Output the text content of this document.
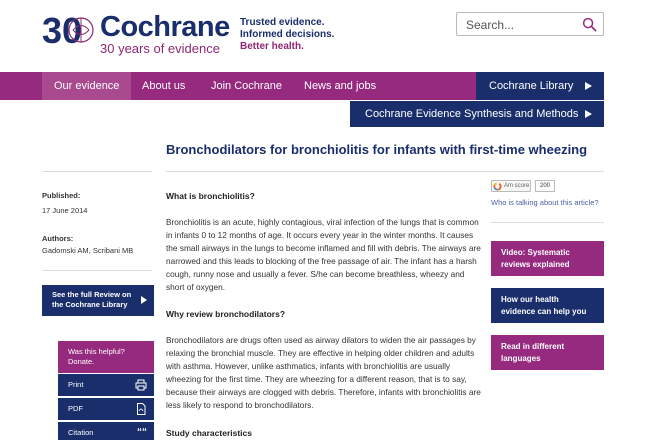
30 Cochrane
30 years of evidence
Trusted evidence.
Informed decisions.
Better health.
Search...
Our evidence	About us Join Cochrane News and jobs	Cochrane Library
Cochrane Evidence Synthesis and Methods
Bronchodilators for bronchiolitis for infants with first-time wheezing
Published:
17 June 2014
Authors:
Gadomski AM, Scribani MB
See the full Review on
the Cochrane Library
Was this helpful?
Donate.
Print
PDF
Citation	““
What is bronchiolitis?

Bronchiolitis is an acute, highly contagious, viral infection of the lungs that is common in infants 0 to 12 months of age. It occurs every year in the winter months. It causes the small airways in the lungs to become inflamed and fill with debris. The airways are narrowed and this leads to blocking of the free passage of air. The infant has a harsh cough, runny nose and usually a fever. S/he can become breathless, wheezy and short of oxygen.

Why review bronchodilators?

Bronchodilators are drugs often used as airway dilators to widen the air passages by relaxing the bronchial muscle. They are effective in helping older children and adults with asthma. However, unlike asthmatics, infants with bronchiolitis are usually wheezing for the first time. They are wheezing for a different reason, that is to say, because their airways are clogged with debris. Therefore, infants with bronchiolitis are less likely to respond to bronchodilators.

Study characteristics
Am score	200
Who is talking about this article?
Video: Systematic
reviews explained
How our health
evidence can help you
Read in different
languages
